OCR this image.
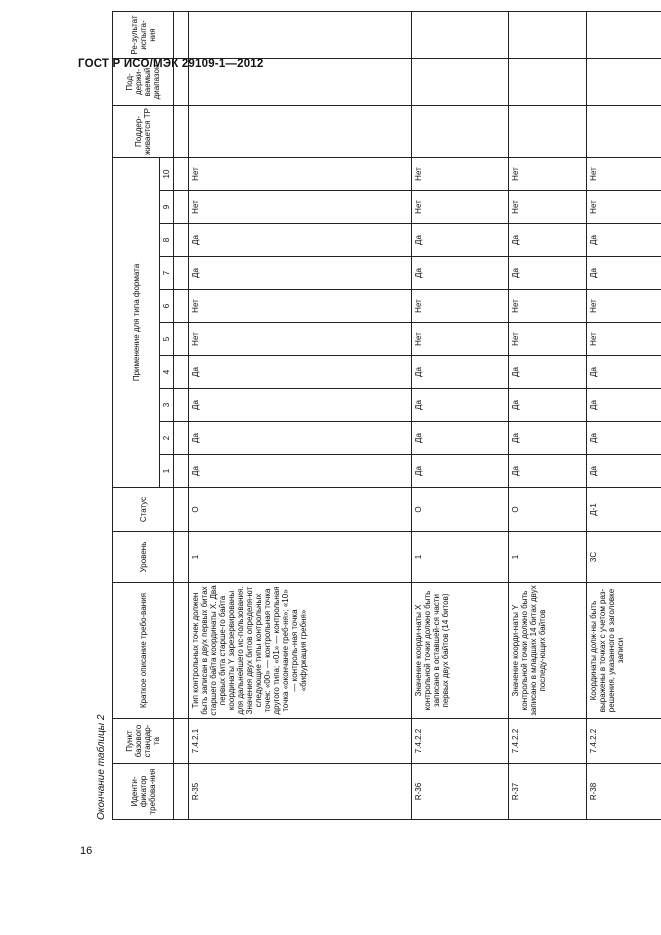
ГОСТ Р ИСО/МЭК 29109-1—2012
16
Окончание таблицы 2	Иденти-фикатор требова-ния	Пункт базового стандар-та	Краткое описание требо-вания	Уровень	Статус	Применение для типа формата										Поддер-живается ТР	Под-держи-ваемый диапазон	Ре-зультат испыта-ния
					1	2	3	4	5	6	7	8	9	10			

R-35	7.4.2.1	Тип контрольных точек должен быть записан в двух первых битах старшего байта координаты X. Два первых бита старше-го байта координаты Y зарезервированы для дальнейшего ис-пользования. Значения двух битов определя-ют следующие типы контрольных точек: «00» — контрольная точка другого типа; «01» — контрольная точка «окончание греб-ня»; «10» — контроль-ная точка «бифуркация гребня»	1	О	Да	Да	Да	Да	Нет	Нет	Да	Да	Нет	Нет			
R-36	7.4.2.2	Значение коорди-наты X контрольной точки должно быть записано в оставшей-ся части первых двух байтов (14 битов)	1	О	Да	Да	Да	Да	Нет	Нет	Да	Да	Нет	Нет			
R-37	7.4.2.2	Значение коорди-наты Y контрольной точки должно быть записано в младших 14 битах двух последу-ющих байтов	1	О	Да	Да	Да	Да	Нет	Нет	Да	Да	Нет	Нет			
R-38	7.4.2.2	Координаты долж-ны быть выражены в точках с учетом раз-решения, указанного в заголовке записи	3С	Д-1	Да	Да	Да	Да	Нет	Нет	Да	Да	Нет	Нет			
